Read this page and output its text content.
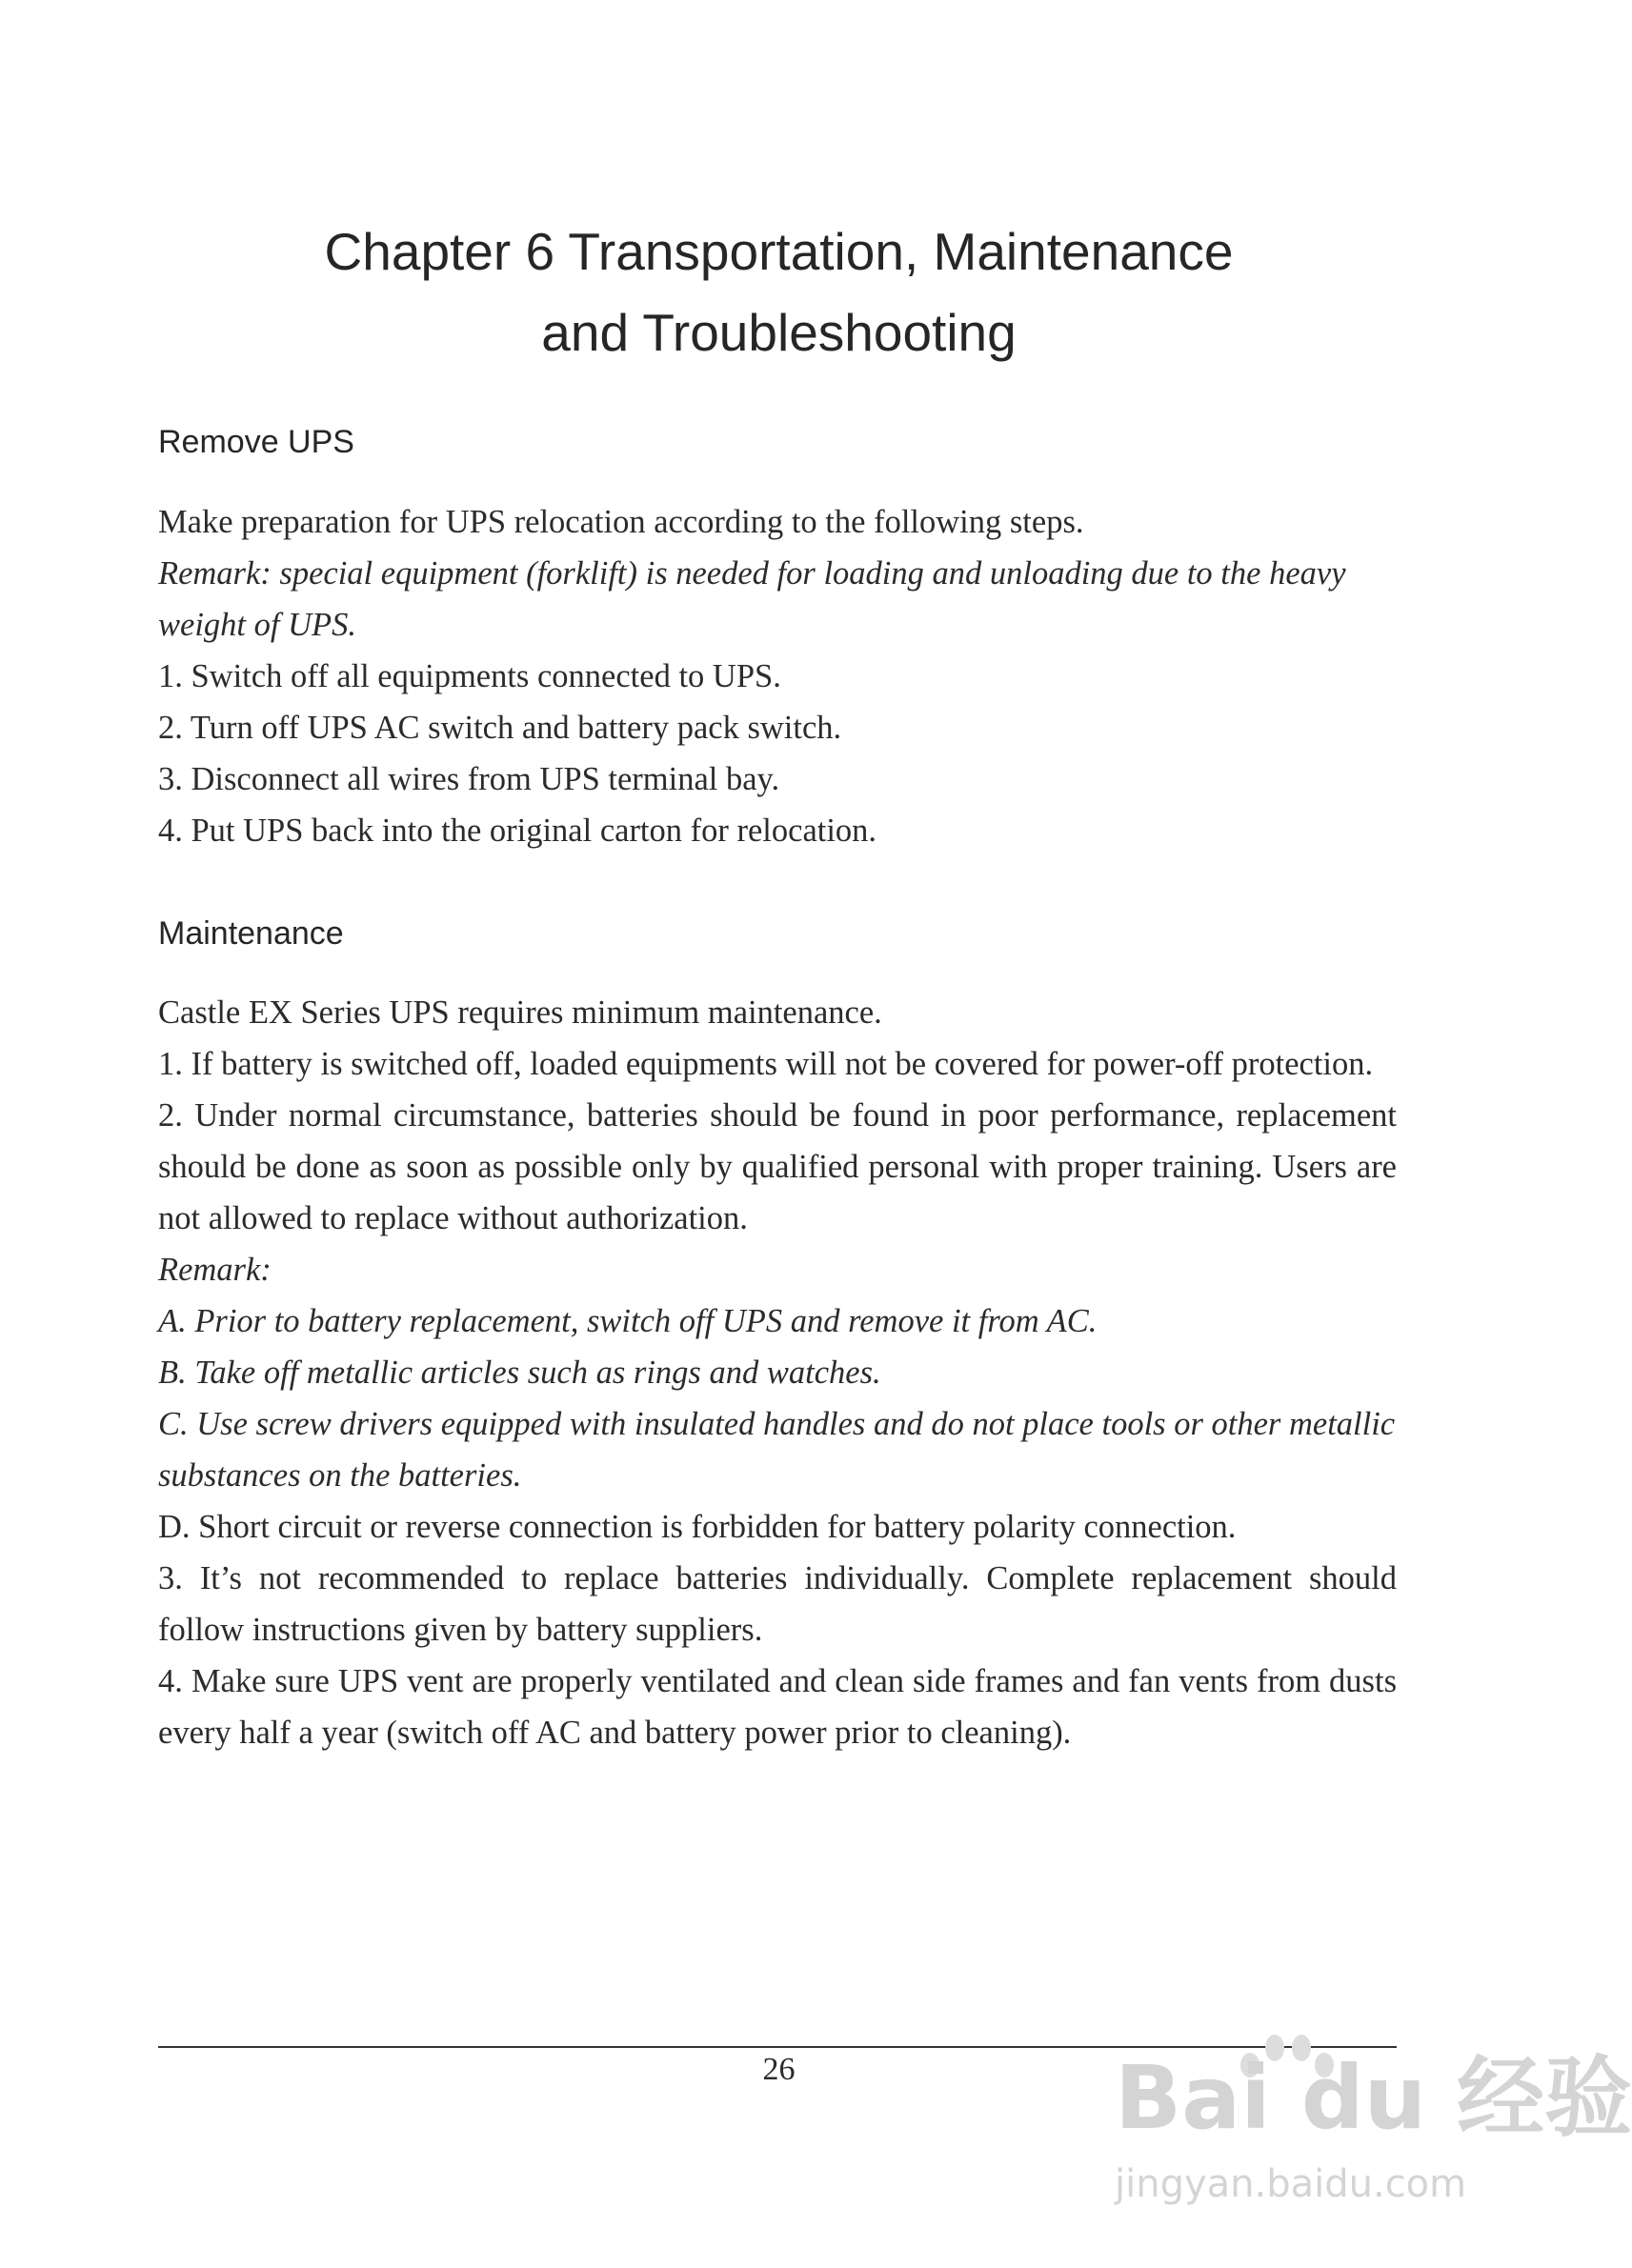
Chapter 6 Transportation, Maintenance
and Troubleshooting
Remove UPS

Make preparation for UPS relocation according to the following steps.

Remark: special equipment (forklift) is needed for loading and unloading due to the heavy weight of UPS.

1. Switch off all equipments connected to UPS.

2. Turn off UPS AC switch and battery pack switch.

3. Disconnect all wires from UPS terminal bay.

4. Put UPS back into the original carton for relocation.

Maintenance

Castle EX Series UPS requires minimum maintenance.

1. If battery is switched off, loaded equipments will not be covered for power-off protection.

2. Under normal circumstance, batteries should be found in poor performance, replacement should be done as soon as possible only by qualified personal with proper training. Users are not allowed to replace without authorization.

Remark:

A. Prior to battery replacement, switch off UPS and remove it from AC.

B. Take off metallic articles such as rings and watches.

C. Use screw drivers equipped with insulated handles and do not place tools or other metallic substances on the batteries.

D. Short circuit or reverse connection is forbidden for battery polarity connection.

3. It’s not recommended to replace batteries individually. Complete replacement should follow instructions given by battery suppliers.

4. Make sure UPS vent are properly ventilated and clean side frames and fan vents from dusts every half a year (switch off AC and battery power prior to cleaning).

26	Bai du 经验
jingyan.baidu.com
